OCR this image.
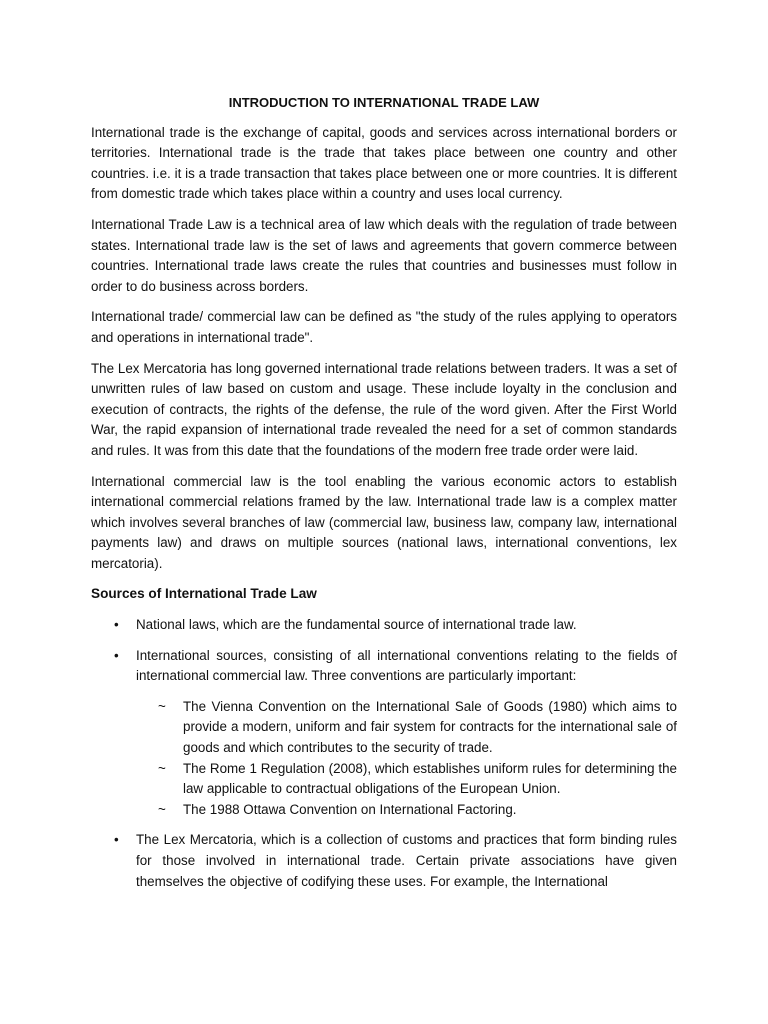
INTRODUCTION TO INTERNATIONAL TRADE LAW

International trade is the exchange of capital, goods and services across international borders or territories. International trade is the trade that takes place between one country and other countries. i.e. it is a trade transaction that takes place between one or more countries. It is different from domestic trade which takes place within a country and uses local currency.

International Trade Law is a technical area of law which deals with the regulation of trade between states. International trade law is the set of laws and agreements that govern commerce between countries. International trade laws create the rules that countries and businesses must follow in order to do business across borders.

International trade/ commercial law can be defined as "the study of the rules applying to operators and operations in international trade".

The Lex Mercatoria has long governed international trade relations between traders. It was a set of unwritten rules of law based on custom and usage. These include loyalty in the conclusion and execution of contracts, the rights of the defense, the rule of the word given. After the First World War, the rapid expansion of international trade revealed the need for a set of common standards and rules. It was from this date that the foundations of the modern free trade order were laid.

International commercial law is the tool enabling the various economic actors to establish international commercial relations framed by the law. International trade law is a complex matter which involves several branches of law (commercial law, business law, company law, international payments law) and draws on multiple sources (national laws, international conventions, lex mercatoria).

Sources of International Trade Law
• National laws, which are the fundamental source of international trade law.
• International sources, consisting of all international conventions relating to the fields of international commercial law. Three conventions are particularly important:
~ The Vienna Convention on the International Sale of Goods (1980) which aims to provide a modern, uniform and fair system for contracts for the international sale of goods and which contributes to the security of trade.
~ The Rome 1 Regulation (2008), which establishes uniform rules for determining the law applicable to contractual obligations of the European Union.
~ The 1988 Ottawa Convention on International Factoring.
• The Lex Mercatoria, which is a collection of customs and practices that form binding rules for those involved in international trade. Certain private associations have given themselves the objective of codifying these uses. For example, the International
